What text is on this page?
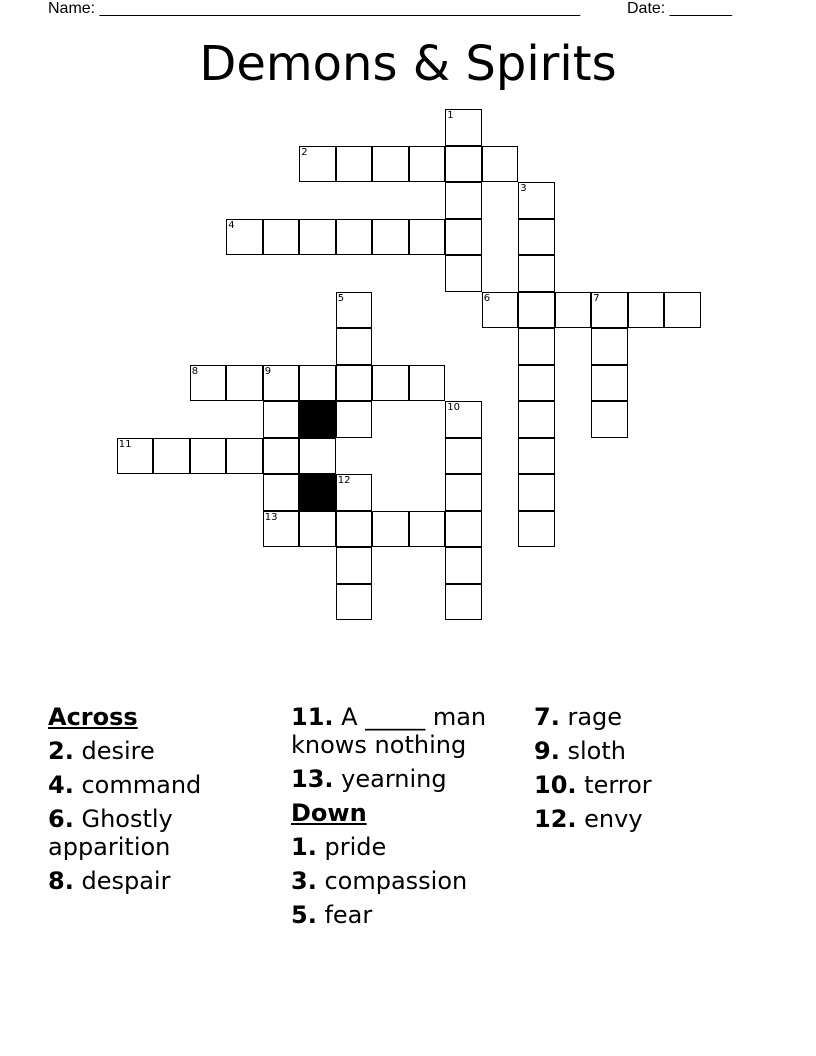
Name: ______________________________________________________	Date: _______
Demons & Spirits
1
2
3
4
5	6	7
8	9
13
10
11
12
Across
2. desire
4. command
6. Ghostly apparition
8. despair
11. A _____ man knows nothing
13. yearning
Down
1. pride
3. compassion
5. fear
7. rage
9. sloth
10. terror
12. envy
